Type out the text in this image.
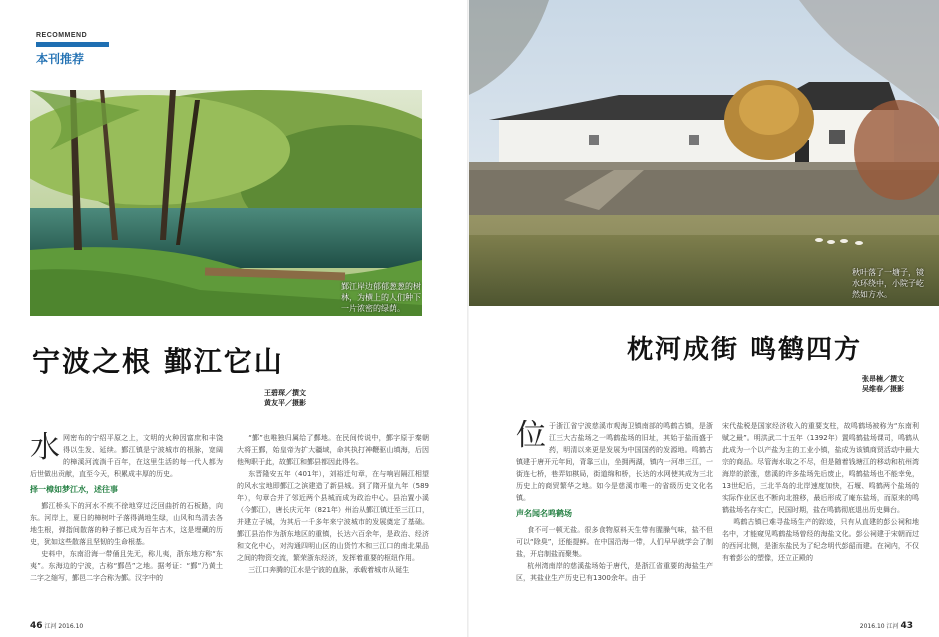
RECOMMEND
本刊推荐
鄞江岸边郁郁葱葱的树林，为横上的人们种下一片浓密的绿荫。
宁波之根 鄞江它山
王碧琛／撰文
黄友平／摄影

水网密布的宁绍平原之上，文明的火种因富庶和丰饶得以生发、延续。鄞江镇是宁波城市的根脉，宽阔的樟溪河流淌千百年，在这里生活的每一代人都为后世做出贡献，直至今天，积累成丰厚的历史。

择一樟如梦江水，述往事

鄞江桥头下的河水不疾不徐地穿过泛回曲折的石板路，向东。河岸上，夏日的樟树叶子落得满地生绿，山风和鸟清去各地生根，弹指间散落的种子都已成为百年古木，这是埋藏的历史，犹如这些散落且坚韧的生命根基。

史料中，东南沿海一带俑且先无，称儿夷，浙东地方称“东夷”。东海边的宁波，古称“鄞邑”之地。据考证：“鄞”乃黄土二字之缩写，鄞邑二字合称为鄞。汉字中的

“鄞”也唯独归属给了鄞地。在民间传说中，鄞字原于秦朝大将王鄞，始皇帝为扩大疆域，命其执打神鞭驱山填海，后因他殉职于此，故鄞江和鄞县都因此得名。

东晋隆安五年（401年），刘裕迁句章，在与响岩隔江相望的风水宝地即鄞江之滨建造了新县城。到了隋开皇九年（589年），句章合并了邻近两个县城而成为政治中心。县治置小溪（今鄞江），唐长庆元年（821年）州治从鄞江镇迁至三江口，并建立子城，为其后一千多年来宁波城市的发展奠定了基础。鄞江县治作为浙东地区的重镇，长达六百余年，是政治、经济和文化中心，对沟通四明山区的山货竹木和三江口的南北果品之间的物资交流，繁荣浙东经济，发挥着重要的枢纽作用。

三江口奔腾的江水是宁波的血脉，承载着城市从诞生

46 江河 2016.10
秋叶落了一塘子，镜水环绕中，小院子屹然如方水。
枕河成街 鸣鹤四方
张昂楠／撰文
吴维春／摄影

位于浙江省宁波慈溪市观海卫镇南部的鸣鹤古镇，是浙江三大古盐场之一鸣鹤盐场的旧址，其始于盐而盛于药，明清以来更是发展为中国国药的发源地。鸣鹤古镇建于唐开元年间，背靠三山，坐拥两湖，镇内一河串三江，一街连七桥，巷弄如棋局，街道绵和桥，长达的水网使其成为三北历史上的商贸繁华之地。如今是慈溪市唯一的省级历史文化名镇。

声名闻名鸣鹤场

食不可一顿无盐。很多食物原料天生带有腥臊气味，盐不但可以“除臭”，还能提鲜。在中国沿海一带，人们早早就学会了制盐，开启制盐而聚集。

杭州湾南岸的慈溪盐场始于唐代，是浙江省重要的海盐生产区，其盐业生产历史已有1300余年。由于

宋代盐税是国家经济收入的重要支柱，故鸣鹤场被称为“东南利赋之最”。明洪武二十五年（1392年）置鸣鹤盐场课司，鸣鹤从此成为一个以产盐为主的工业小镇，盐成为该镇商贸活动中最大宗的商品。尽管海水取之不尽，但是随着钱塘江的移动和杭州湾海岸的淤涨，慈溪的许多盐场先后废止，鸣鹤盐场也不能幸免，13世纪后，三北半岛的北岸速度加快，石堰、鸣鹤两个盐场的实际作业区也不断向北推移，最后形成了庵东盐场，而原来的鸣鹤盐场名存实亡，民国时期，盐在鸣鹤彻底退出历史舞台。

鸣鹤古镇已难寻盐场生产的踪迹，只有从直建的彭公祠和地名中，才能窥见鸣鹤盐场曾经的海盐文化。彭公祠建于宋朝而过的西河北侧，是浙东盐民为了纪念明代彭韶而建。在祠内，不仅有着彭公的塑像，还立正殿的

2016.10 江河 43
